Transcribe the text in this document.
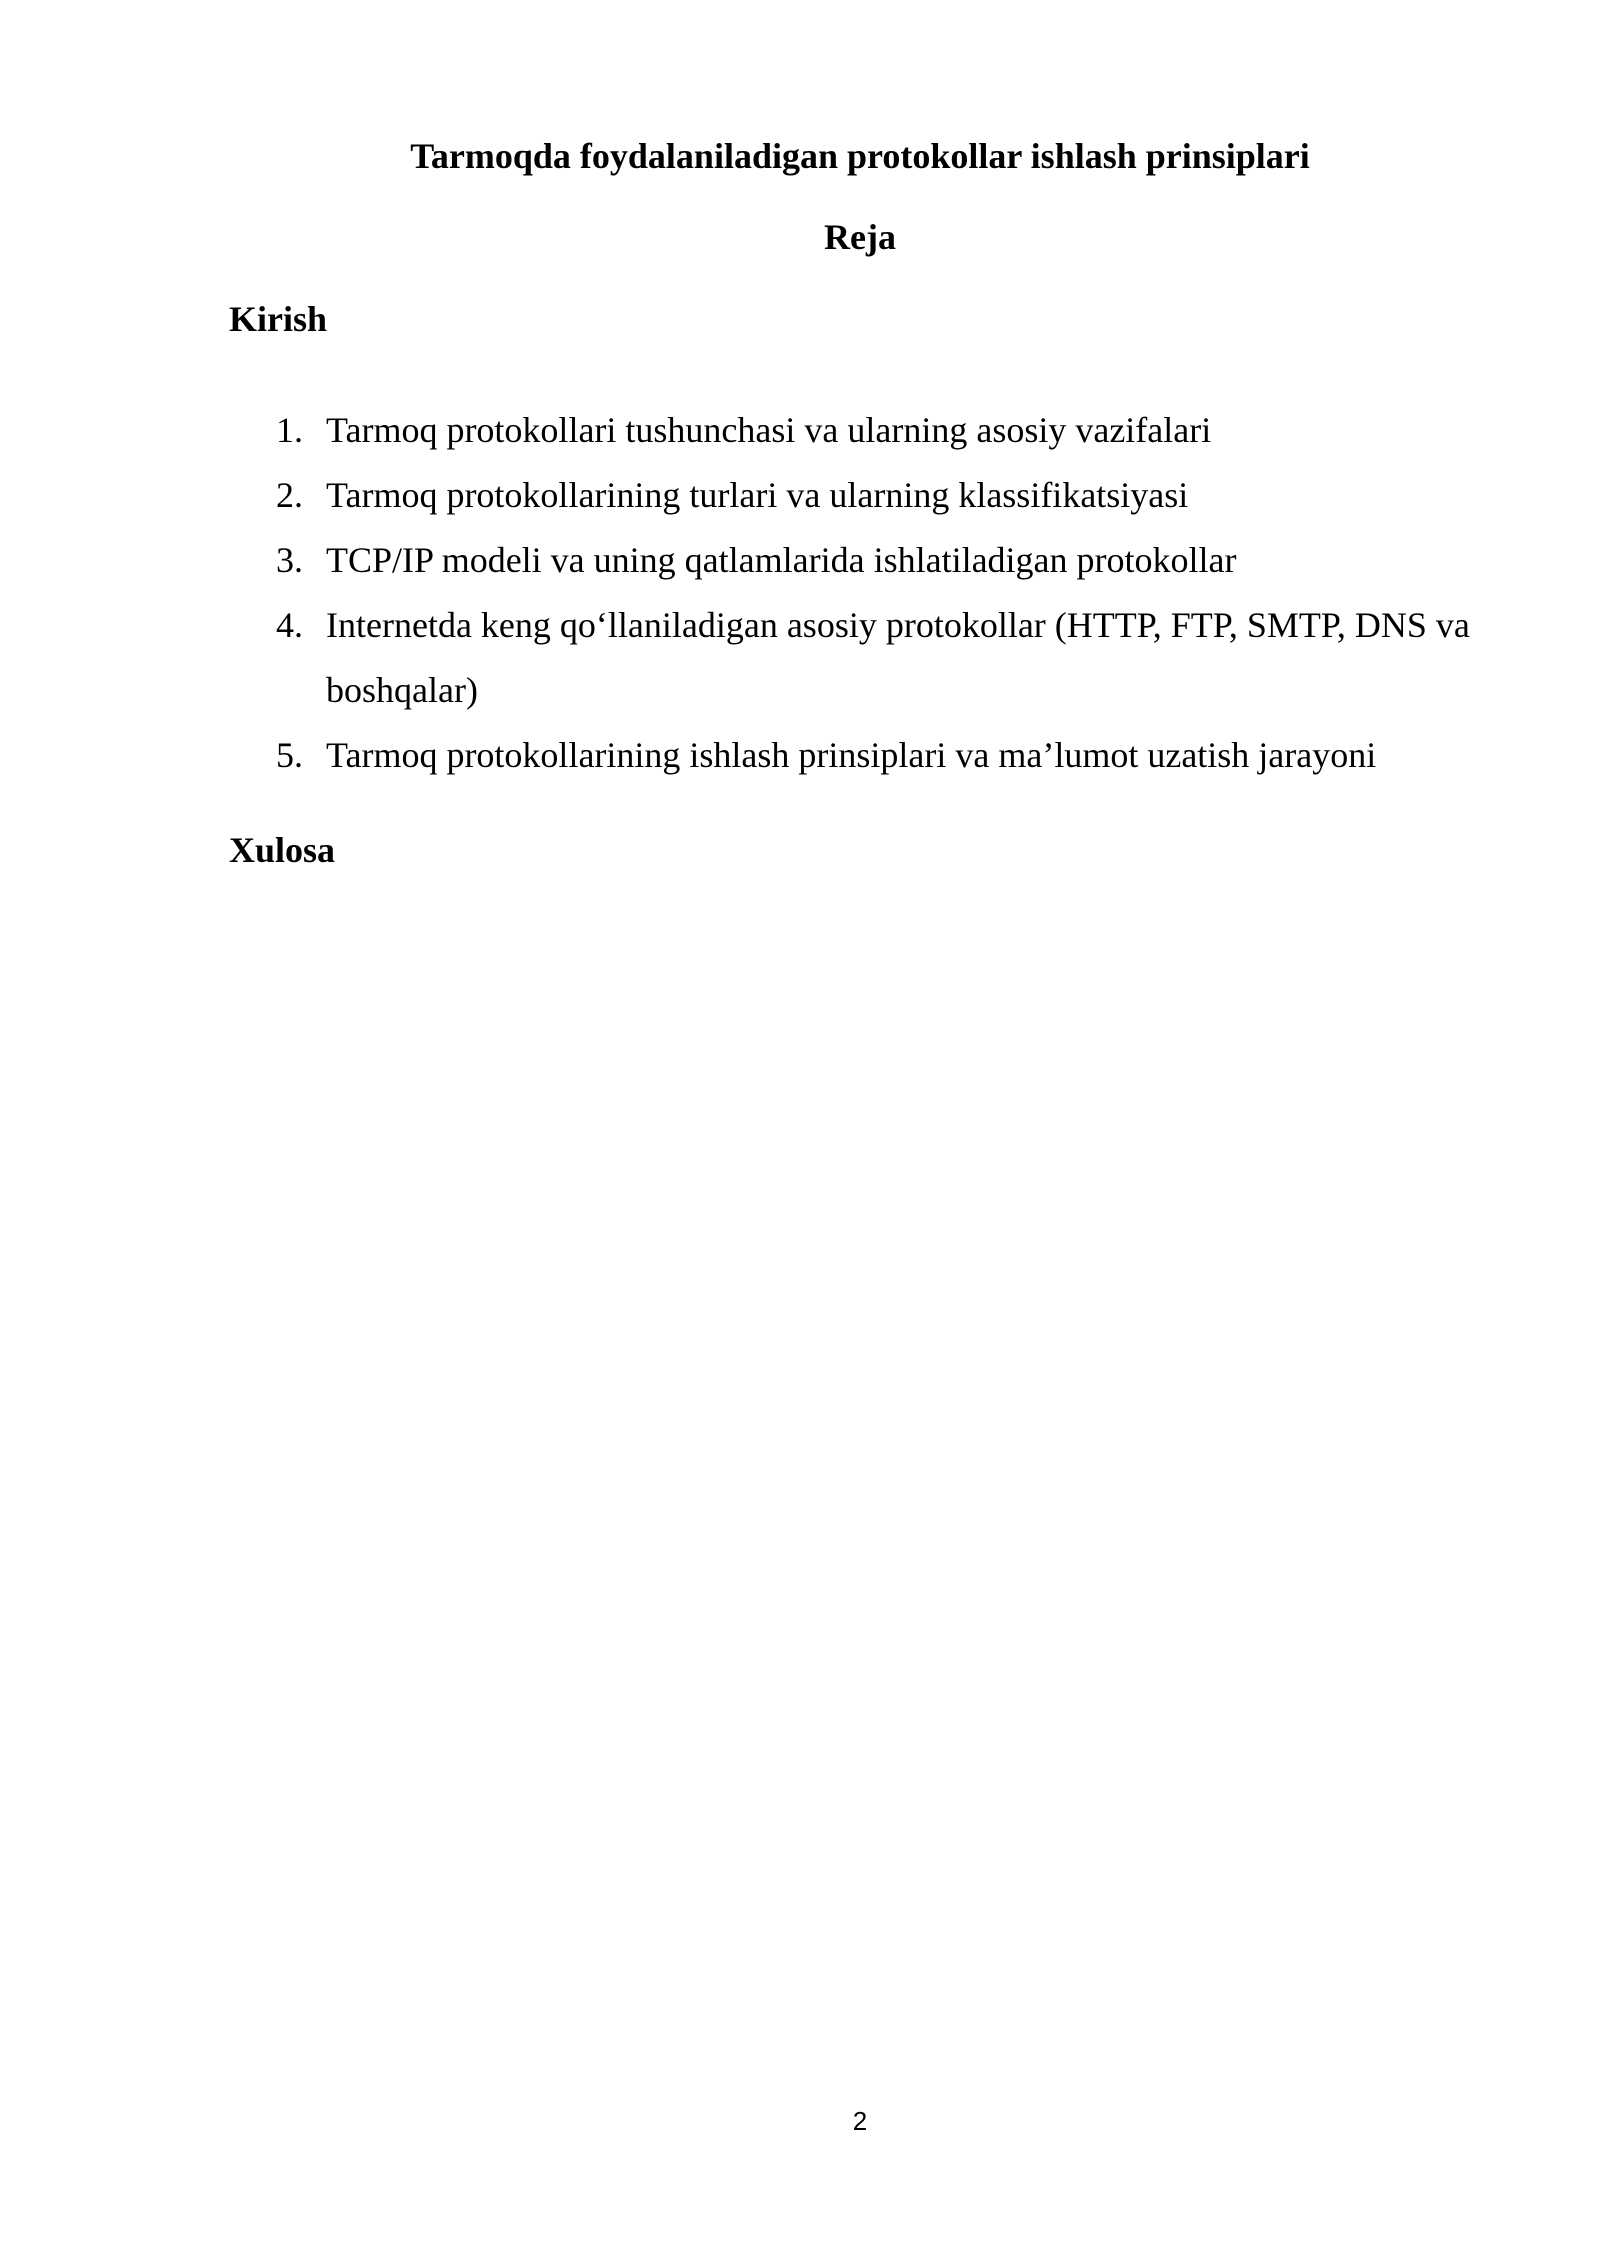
Tarmoqda foydalaniladigan protokollar ishlash prinsiplari
Reja
Kirish
1. Tarmoq protokollari tushunchasi va ularning asosiy vazifalari
2. Tarmoq protokollarining turlari va ularning klassifikatsiyasi
3. TCP/IP modeli va uning qatlamlarida ishlatiladigan protokollar
4. Internetda keng qo‘llaniladigan asosiy protokollar (HTTP, FTP, SMTP, DNS va boshqalar)
5. Tarmoq protokollarining ishlash prinsiplari va ma’lumot uzatish jarayoni
Xulosa
2
